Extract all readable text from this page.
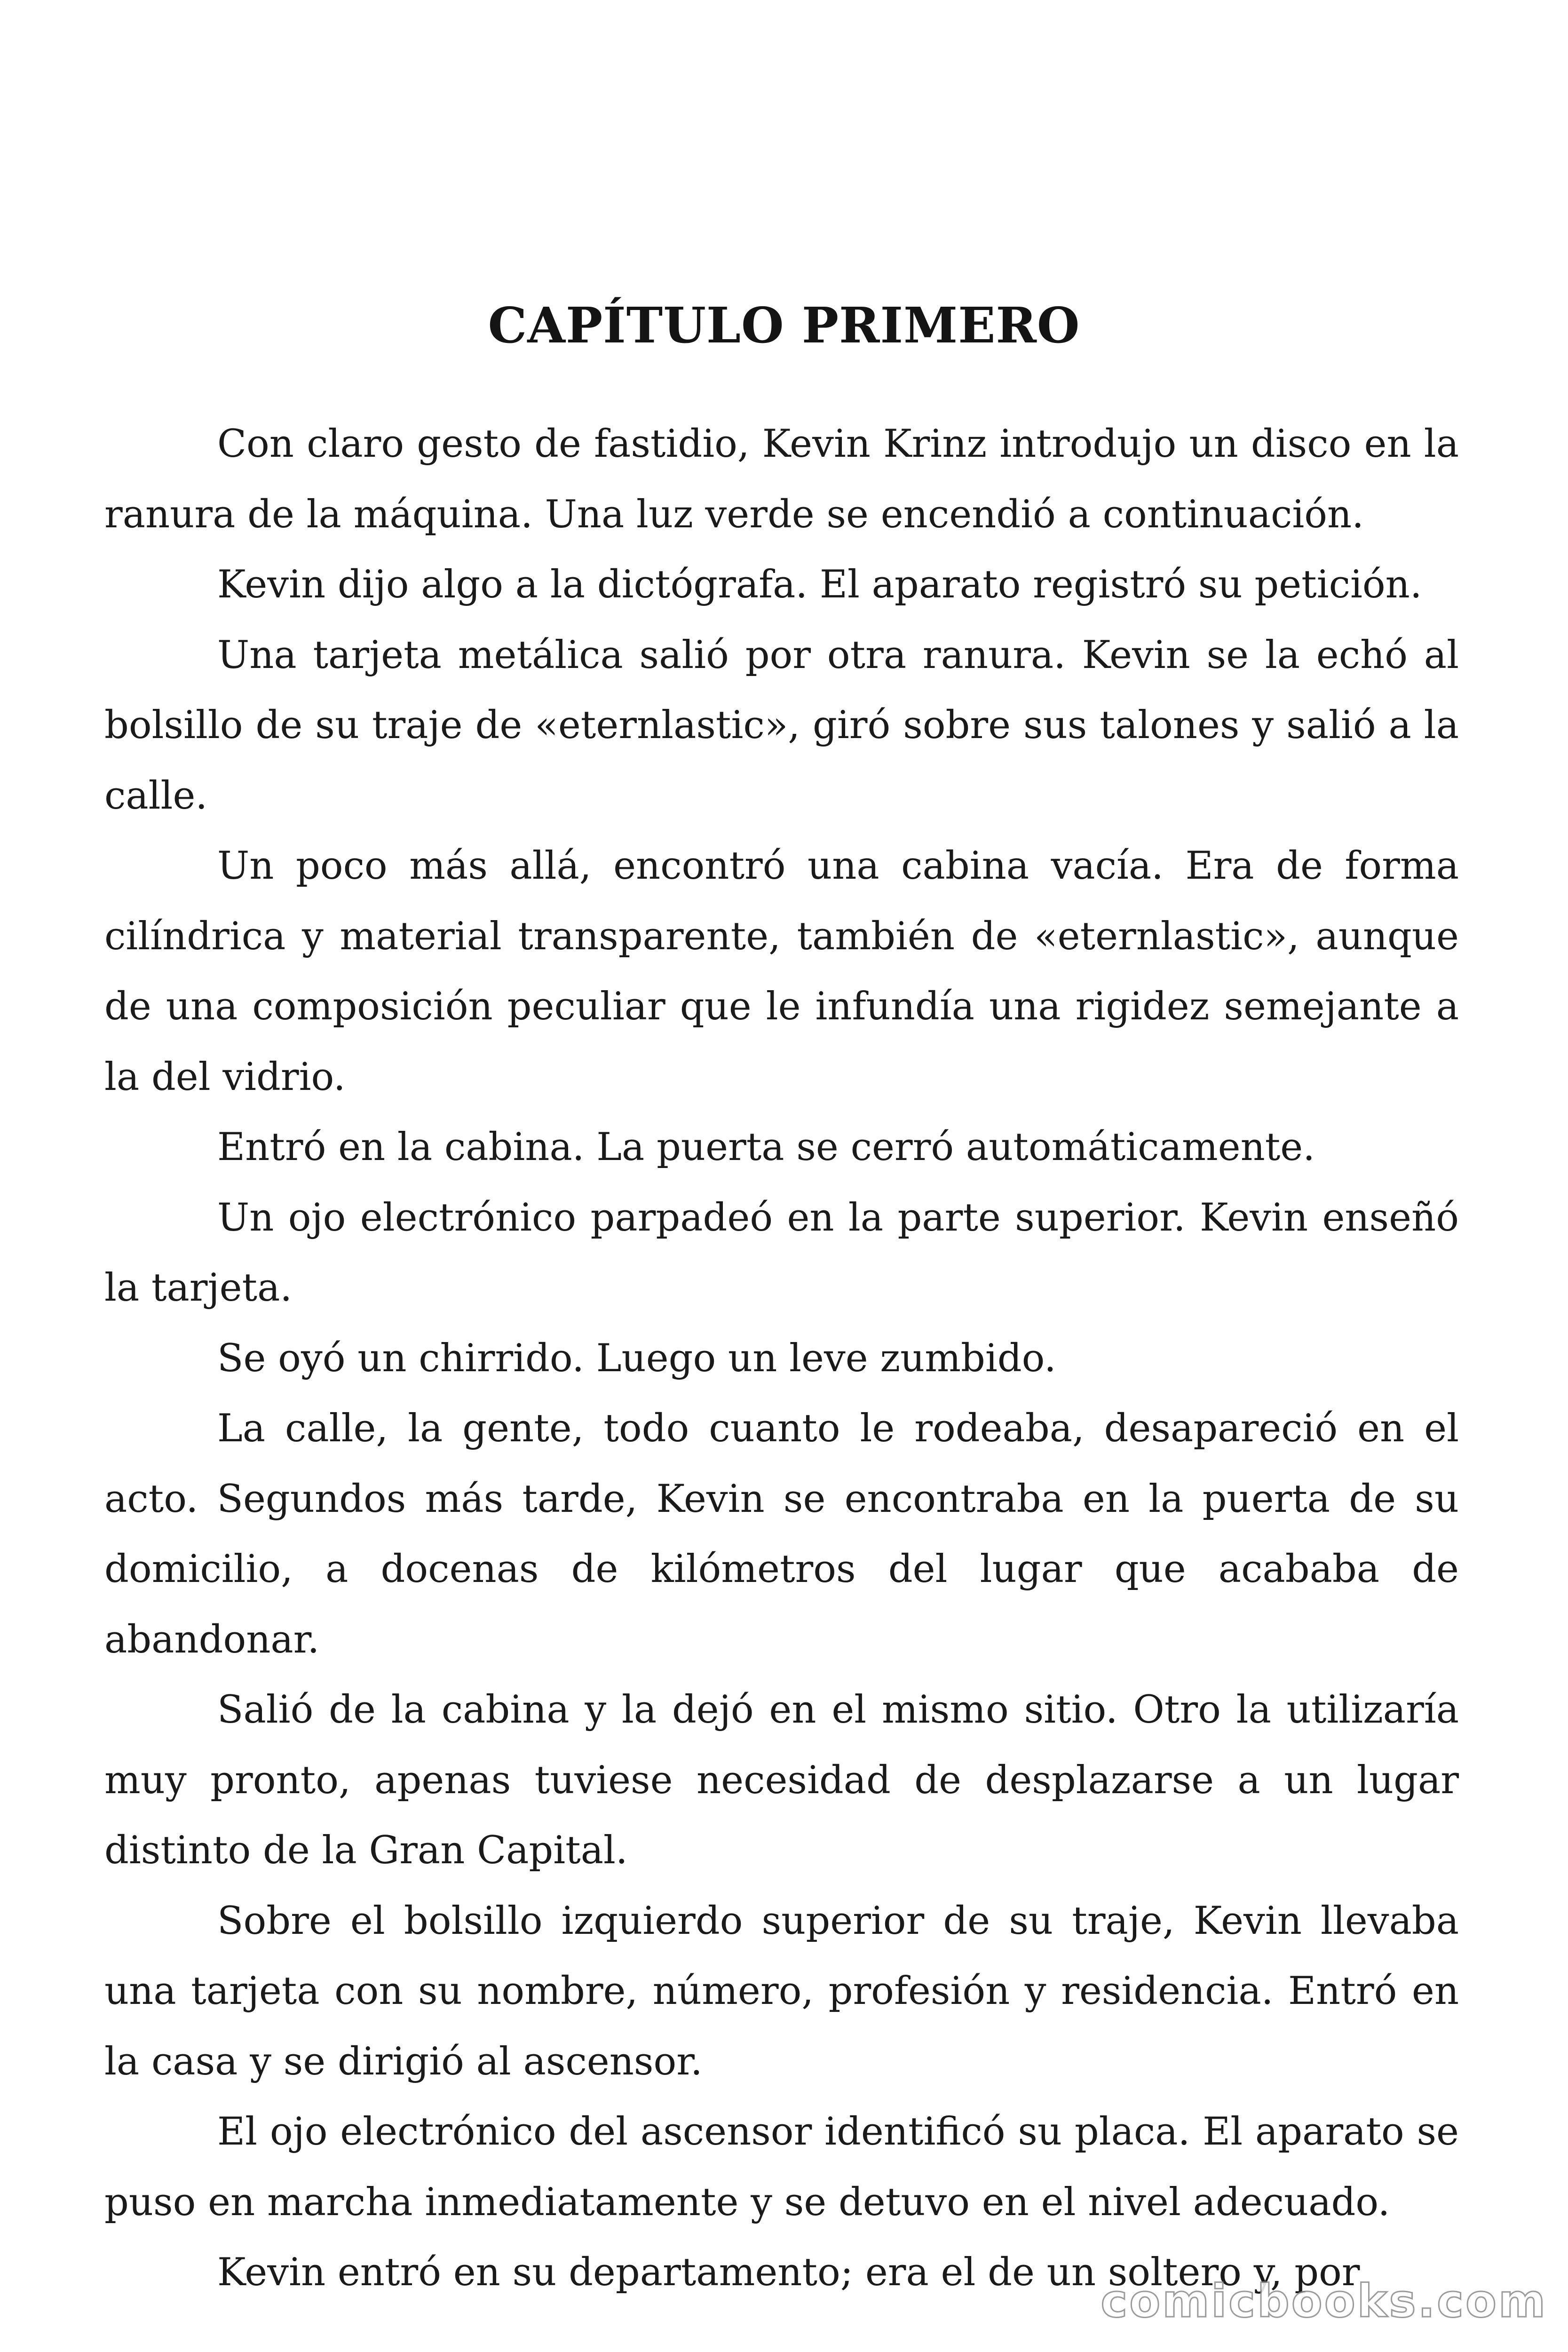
CAPÍTULO PRIMERO

Con claro gesto de fastidio, Kevin Krinz introdujo un disco en la ranura de la máquina. Una luz verde se encendió a continuación.

Kevin dijo algo a la dictógrafa. El aparato registró su petición.

Una tarjeta metálica salió por otra ranura. Kevin se la echó al bolsillo de su traje de «eternlastic», giró sobre sus talones y salió a la calle.

Un poco más allá, encontró una cabina vacía. Era de forma cilíndrica y material transparente, también de «eternlastic», aunque de una composición peculiar que le infundía una rigidez semejante a la del vidrio.

Entró en la cabina. La puerta se cerró automáticamente.

Un ojo electrónico parpadeó en la parte superior. Kevin enseñó la tarjeta.

Se oyó un chirrido. Luego un leve zumbido.

La calle, la gente, todo cuanto le rodeaba, desapareció en el acto. Segundos más tarde, Kevin se encontraba en la puerta de su domicilio, a docenas de kilómetros del lugar que acababa de abandonar.

Salió de la cabina y la dejó en el mismo sitio. Otro la utilizaría muy pronto, apenas tuviese necesidad de desplazarse a un lugar distinto de la Gran Capital.

Sobre el bolsillo izquierdo superior de su traje, Kevin llevaba una tarjeta con su nombre, número, profesión y residencia. Entró en la casa y se dirigió al ascensor.

El ojo electrónico del ascensor identificó su placa. El aparato se puso en marcha inmediatamente y se detuvo en el nivel adecuado.

Kevin entró en su departamento; era el de un soltero y, por

comicbooks.com
